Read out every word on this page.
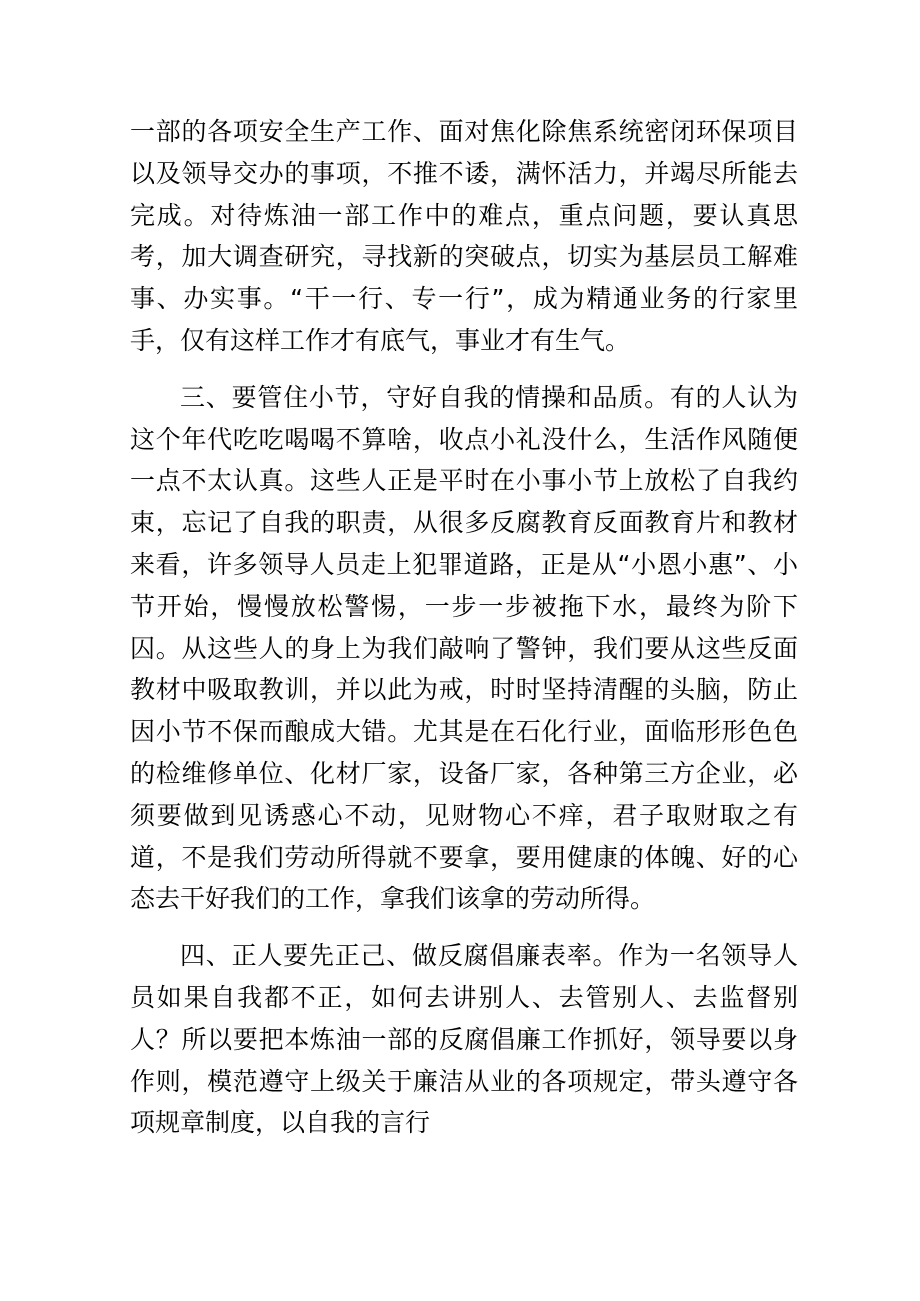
一部的各项安全生产工作、面对焦化除焦系统密闭环保项目以及领导交办的事项，不推不诿，满怀活力，并竭尽所能去完成。对待炼油一部工作中的难点，重点问题，要认真思考，加大调查研究，寻找新的突破点，切实为基层员工解难事、办实事。“干一行、专一行”，成为精通业务的行家里手，仅有这样工作才有底气，事业才有生气。

三、要管住小节，守好自我的情操和品质。有的人认为这个年代吃吃喝喝不算啥，收点小礼没什么，生活作风随便一点不太认真。这些人正是平时在小事小节上放松了自我约束，忘记了自我的职责，从很多反腐教育反面教育片和教材来看，许多领导人员走上犯罪道路，正是从“小恩小惠”、小节开始，慢慢放松警惕，一步一步被拖下水，最终为阶下囚。从这些人的身上为我们敲响了警钟，我们要从这些反面教材中吸取教训，并以此为戒，时时坚持清醒的头脑，防止因小节不保而酿成大错。尤其是在石化行业，面临形形色色的检维修单位、化材厂家，设备厂家，各种第三方企业，必须要做到见诱惑心不动，见财物心不痒，君子取财取之有道，不是我们劳动所得就不要拿，要用健康的体魄、好的心态去干好我们的工作，拿我们该拿的劳动所得。

四、正人要先正己、做反腐倡廉表率。作为一名领导人员如果自我都不正，如何去讲别人、去管别人、去监督别人？所以要把本炼油一部的反腐倡廉工作抓好，领导要以身作则，模范遵守上级关于廉洁从业的各项规定，带头遵守各项规章制度，以自我的言行
